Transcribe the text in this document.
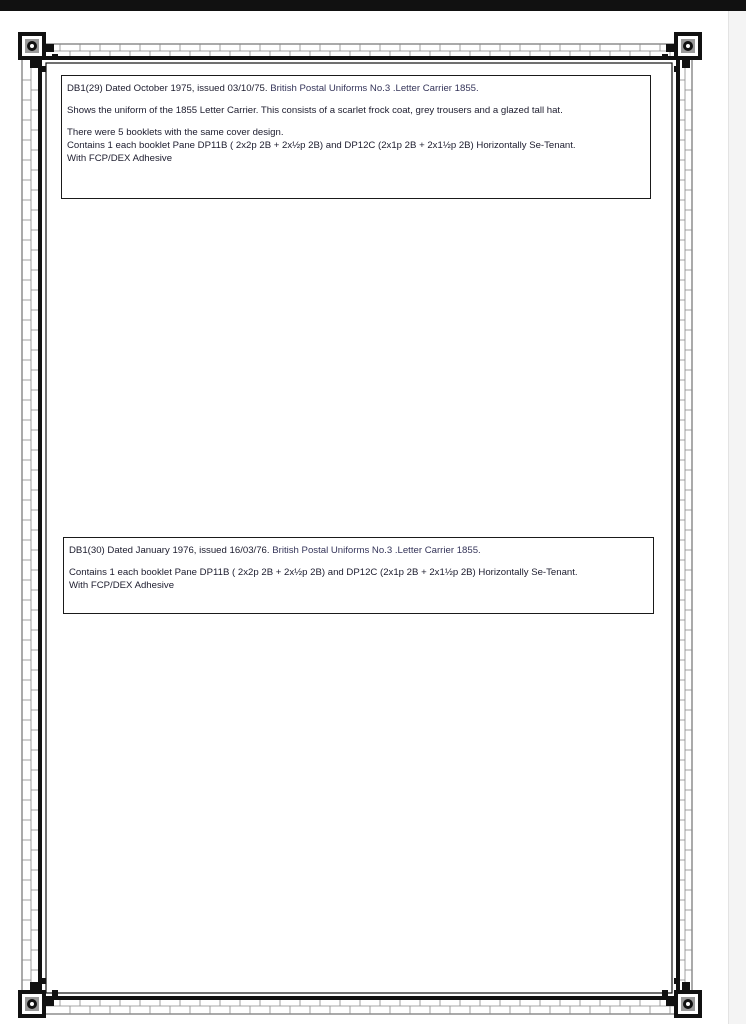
DB1(29) Dated October 1975, issued 03/10/75. British Postal Uniforms No.3 .Letter Carrier 1855.
Shows the uniform of the 1855 Letter Carrier. This consists of a scarlet frock coat, grey trousers and a glazed tall hat.
There were 5 booklets with the same cover design.
Contains 1 each booklet Pane DP11B ( 2x2p 2B + 2x½p 2B) and DP12C (2x1p 2B + 2x1½p 2B) Horizontally Se-Tenant.
With FCP/DEX Adhesive
DB1(30) Dated January 1976, issued 16/03/76. British Postal Uniforms No.3 .Letter Carrier 1855.
Contains 1 each booklet Pane DP11B ( 2x2p 2B + 2x½p 2B) and DP12C (2x1p 2B + 2x1½p 2B) Horizontally Se-Tenant.
With FCP/DEX Adhesive
